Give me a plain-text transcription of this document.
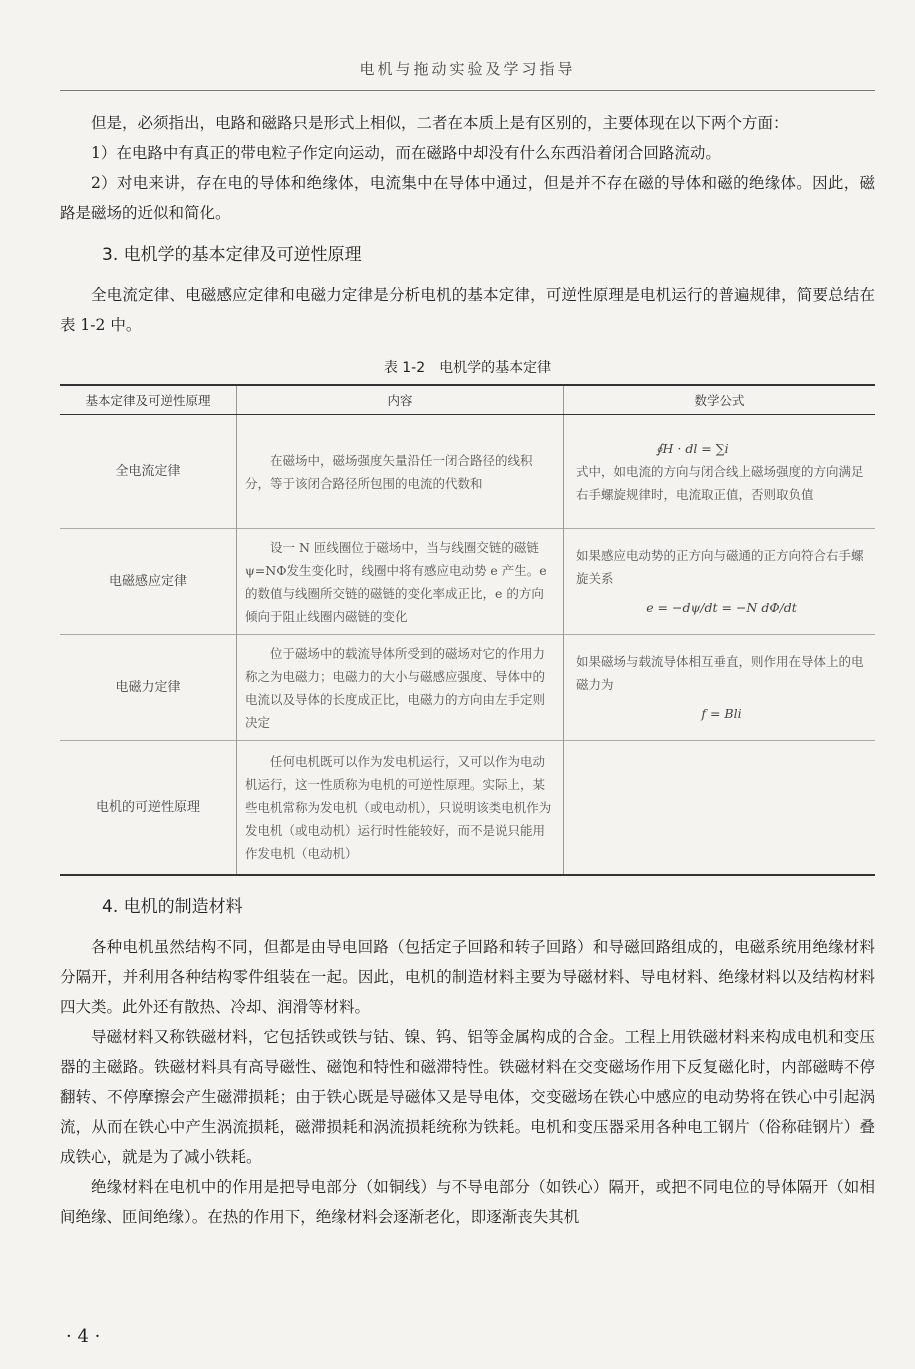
电机与拖动实验及学习指导

但是，必须指出，电路和磁路只是形式上相似，二者在本质上是有区别的，主要体现在以下两个方面：

1）在电路中有真正的带电粒子作定向运动，而在磁路中却没有什么东西沿着闭合回路流动。

2）对电来讲，存在电的导体和绝缘体，电流集中在导体中通过，但是并不存在磁的导体和磁的绝缘体。因此，磁路是磁场的近似和简化。

3. 电机学的基本定律及可逆性原理

全电流定律、电磁感应定律和电磁力定律是分析电机的基本定律，可逆性原理是电机运行的普遍规律，简要总结在表 1-2 中。

表 1-2　电机学的基本定律
基本定律及可逆性原理	内容	数学公式
全电流定律	在磁场中，磁场强度矢量沿任一闭合路径的线积分，等于该闭合路径所包围的电流的代数和	∮H · dl = ∑i
式中，如电流的方向与闭合线上磁场强度的方向满足右手螺旋规律时，电流取正值，否则取负值
电磁感应定律	设一 N 匝线圈位于磁场中，当与线圈交链的磁链ψ=NΦ发生变化时，线圈中将有感应电动势 e 产生。e 的数值与线圈所交链的磁链的变化率成正比，e 的方向倾向于阻止线圈内磁链的变化	如果感应电动势的正方向与磁通的正方向符合右手螺旋关系
e = −dψ/dt = −N dΦ/dt

电磁力定律	位于磁场中的载流导体所受到的磁场对它的作用力称之为电磁力；电磁力的大小与磁感应强度、导体中的电流以及导体的长度成正比，电磁力的方向由左手定则决定	如果磁场与载流导体相互垂直，则作用在导体上的电磁力为
f = Bli

电机的可逆性原理	任何电机既可以作为发电机运行，又可以作为电动机运行，这一性质称为电机的可逆性原理。实际上，某些电机常称为发电机（或电动机），只说明该类电机作为发电机（或电动机）运行时性能较好，而不是说只能用作发电机（电动机）	
4. 电机的制造材料

各种电机虽然结构不同，但都是由导电回路（包括定子回路和转子回路）和导磁回路组成的，电磁系统用绝缘材料分隔开，并利用各种结构零件组装在一起。因此，电机的制造材料主要为导磁材料、导电材料、绝缘材料以及结构材料四大类。此外还有散热、冷却、润滑等材料。

导磁材料又称铁磁材料，它包括铁或铁与钴、镍、钨、铝等金属构成的合金。工程上用铁磁材料来构成电机和变压器的主磁路。铁磁材料具有高导磁性、磁饱和特性和磁滞特性。铁磁材料在交变磁场作用下反复磁化时，内部磁畴不停翻转、不停摩擦会产生磁滞损耗；由于铁心既是导磁体又是导电体，交变磁场在铁心中感应的电动势将在铁心中引起涡流，从而在铁心中产生涡流损耗，磁滞损耗和涡流损耗统称为铁耗。电机和变压器采用各种电工钢片（俗称硅钢片）叠成铁心，就是为了减小铁耗。

绝缘材料在电机中的作用是把导电部分（如铜线）与不导电部分（如铁心）隔开，或把不同电位的导体隔开（如相间绝缘、匝间绝缘）。在热的作用下，绝缘材料会逐渐老化，即逐渐丧失其机

· 4 ·
